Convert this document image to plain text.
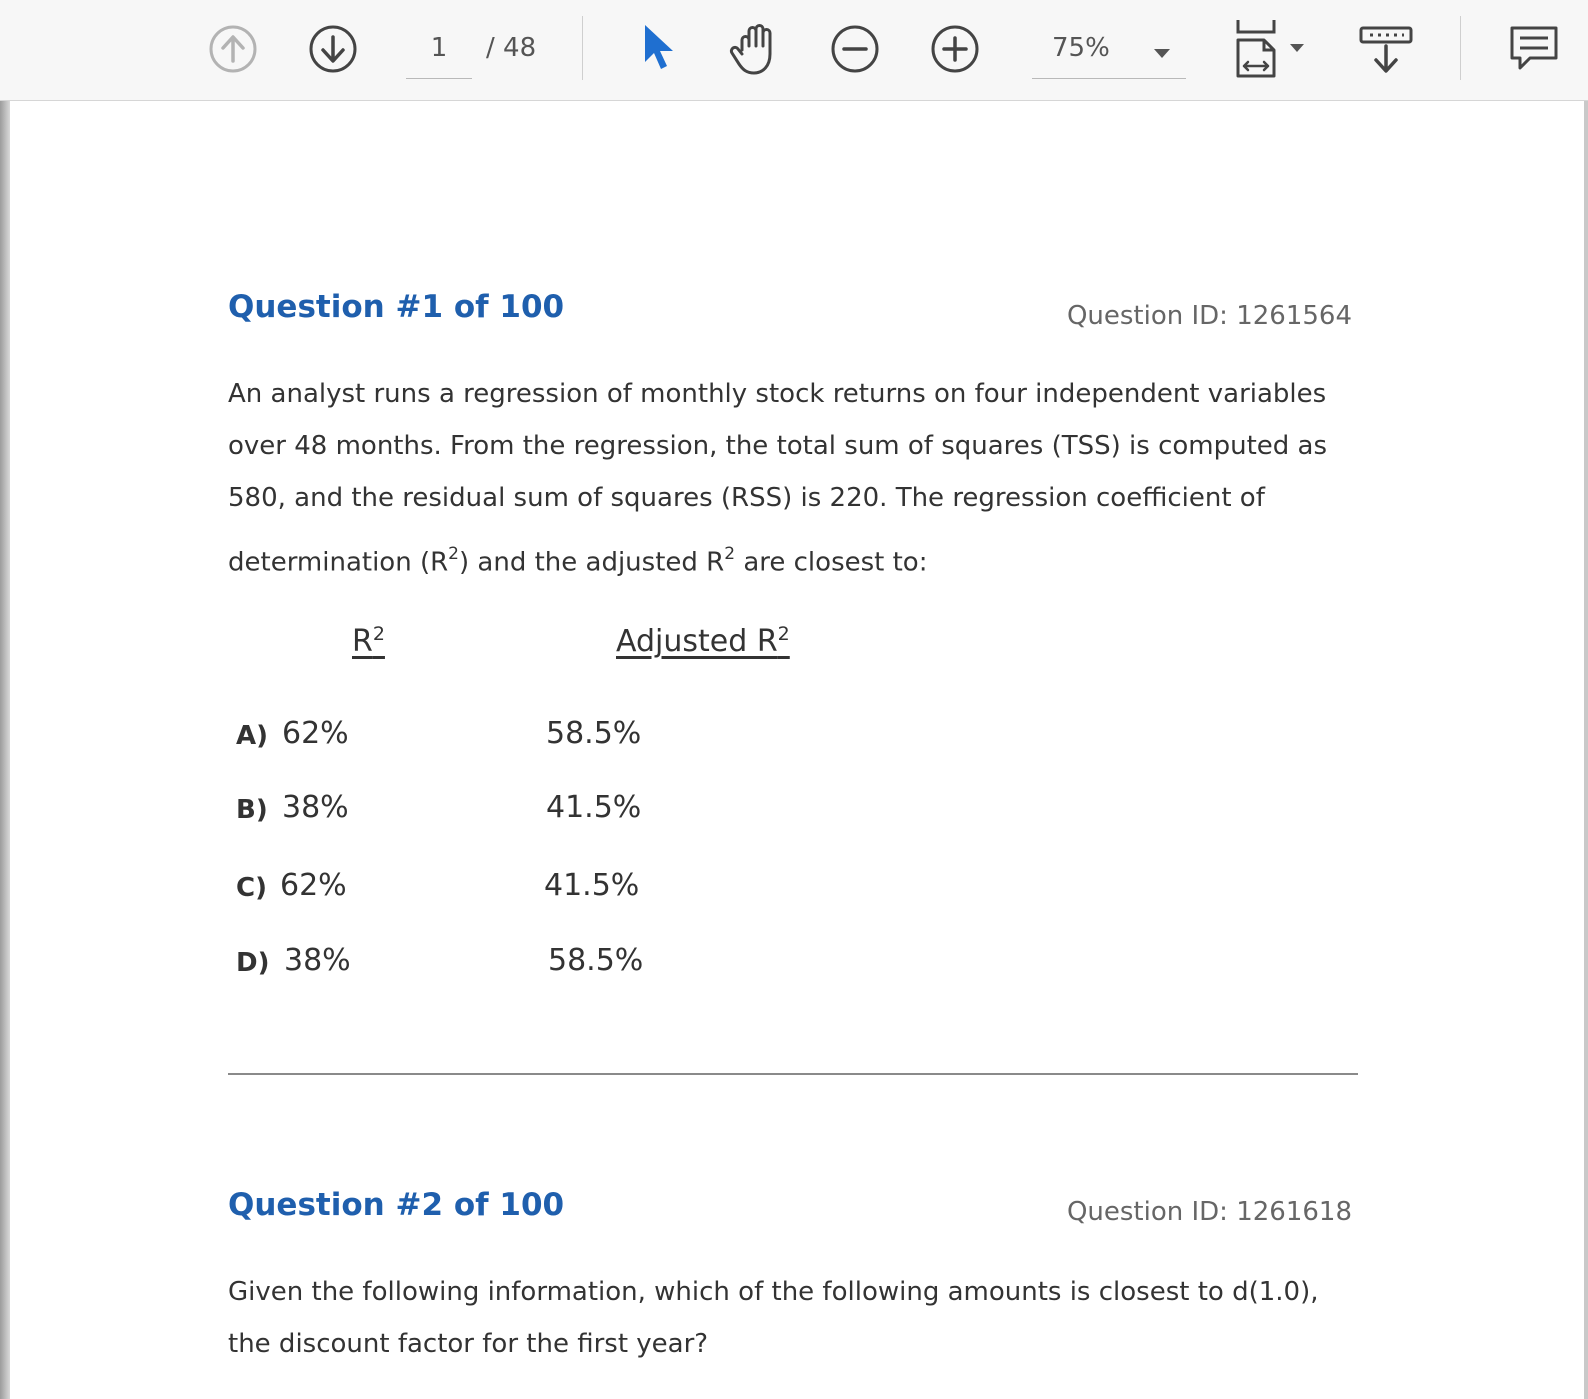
1	/ 48	75%
Question #1 of 100	Question ID: 1261564
An analyst runs a regression of monthly stock returns on four independent variables
over 48 months. From the regression, the total sum of squares (TSS) is computed as
580, and the residual sum of squares (RSS) is 220. The regression coefficient of
determination $(R^2)$ and the adjusted $R^2$ are closest to:
$R^2$	Adjusted $R^2$
A) 62%	58.5%
B) 38%	41.5%
C) 62%	41.5%
D) 38%	58.5%
Question #2 of 100	Question ID: 1261618
Given the following information, which of the following amounts is closest to d(1.0),
the discount factor for the first year?
